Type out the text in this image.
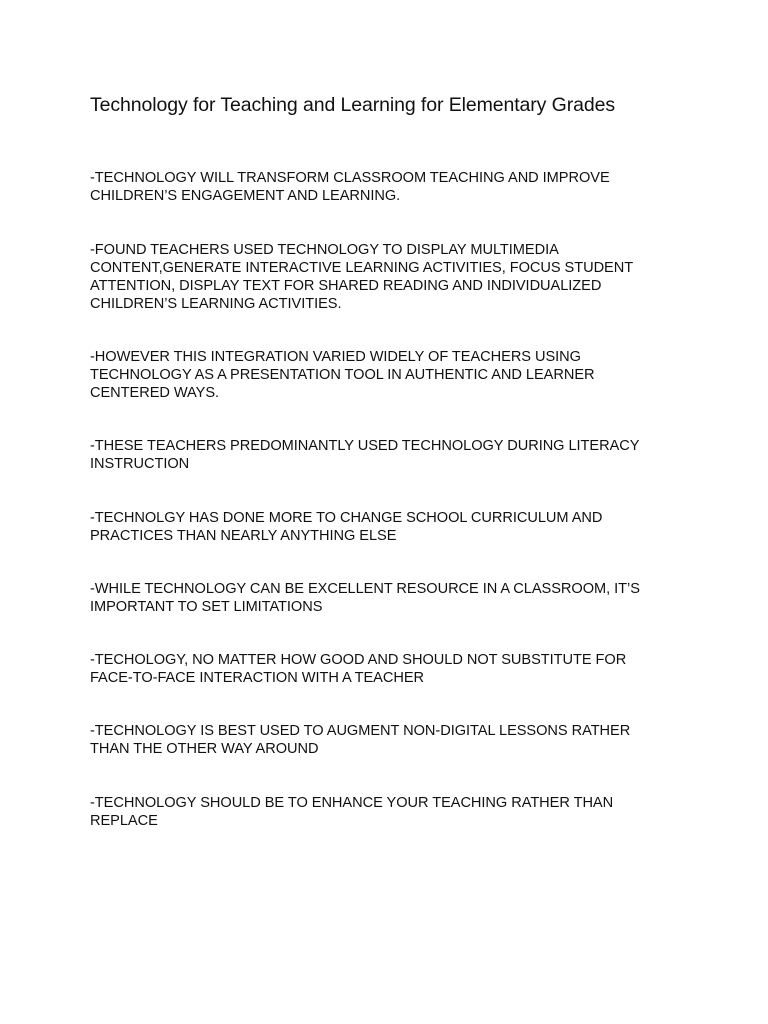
Technology for Teaching and Learning for Elementary Grades
-TECHNOLOGY WILL TRANSFORM CLASSROOM TEACHING AND IMPROVE
CHILDREN’S ENGAGEMENT AND LEARNING.
-FOUND TEACHERS USED TECHNOLOGY TO DISPLAY MULTIMEDIA
CONTENT,GENERATE INTERACTIVE LEARNING ACTIVITIES, FOCUS STUDENT
ATTENTION, DISPLAY TEXT FOR SHARED READING AND INDIVIDUALIZED
CHILDREN’S LEARNING ACTIVITIES.
-HOWEVER THIS INTEGRATION VARIED WIDELY OF TEACHERS USING
TECHNOLOGY AS A PRESENTATION TOOL IN AUTHENTIC AND LEARNER
CENTERED WAYS.
-THESE TEACHERS PREDOMINANTLY USED TECHNOLOGY DURING LITERACY
INSTRUCTION
-TECHNOLGY HAS DONE MORE TO CHANGE SCHOOL CURRICULUM AND
PRACTICES THAN NEARLY ANYTHING ELSE
-WHILE TECHNOLOGY CAN BE EXCELLENT RESOURCE IN A CLASSROOM, IT’S
IMPORTANT TO SET LIMITATIONS
-TECHOLOGY, NO MATTER HOW GOOD AND SHOULD NOT SUBSTITUTE FOR
FACE-TO-FACE INTERACTION WITH A TEACHER
-TECHNOLOGY IS BEST USED TO AUGMENT NON-DIGITAL LESSONS RATHER
THAN THE OTHER WAY AROUND
-TECHNOLOGY SHOULD BE TO ENHANCE YOUR TEACHING RATHER THAN
REPLACE
